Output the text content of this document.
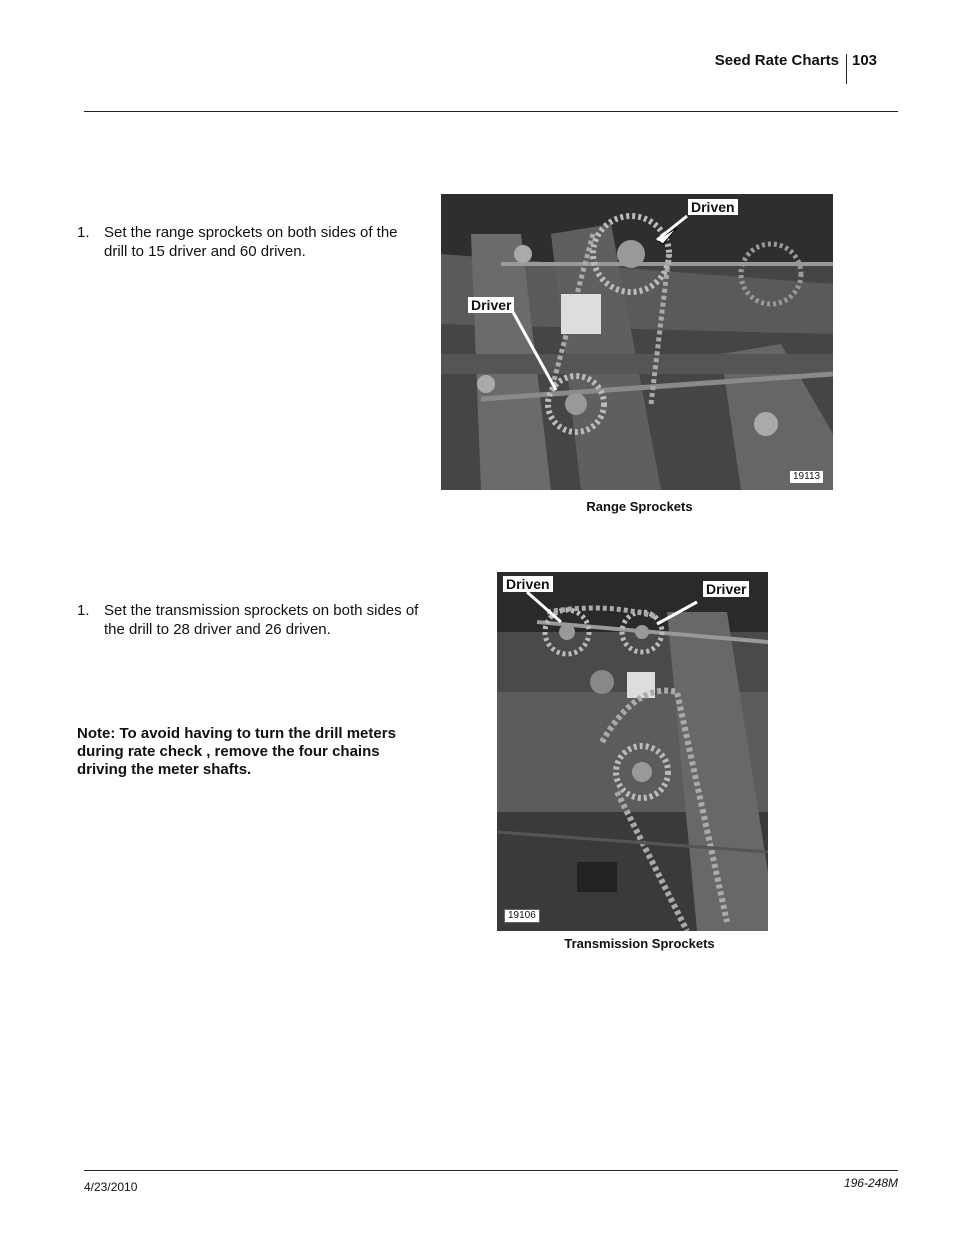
Seed Rate Charts 103
1. Set the range sprockets on both sides of the drill to 15 driver and 60 driven.
Driven
Driver
19113
Range Sprockets
1. Set the transmission sprockets on both sides of the drill to 28 driver and 26 driven.
Note: To avoid having to turn the drill meters during rate check , remove the four chains driving the meter shafts.
Driven	Driver
19106
Transmission Sprockets
4/23/2010	196-248M
